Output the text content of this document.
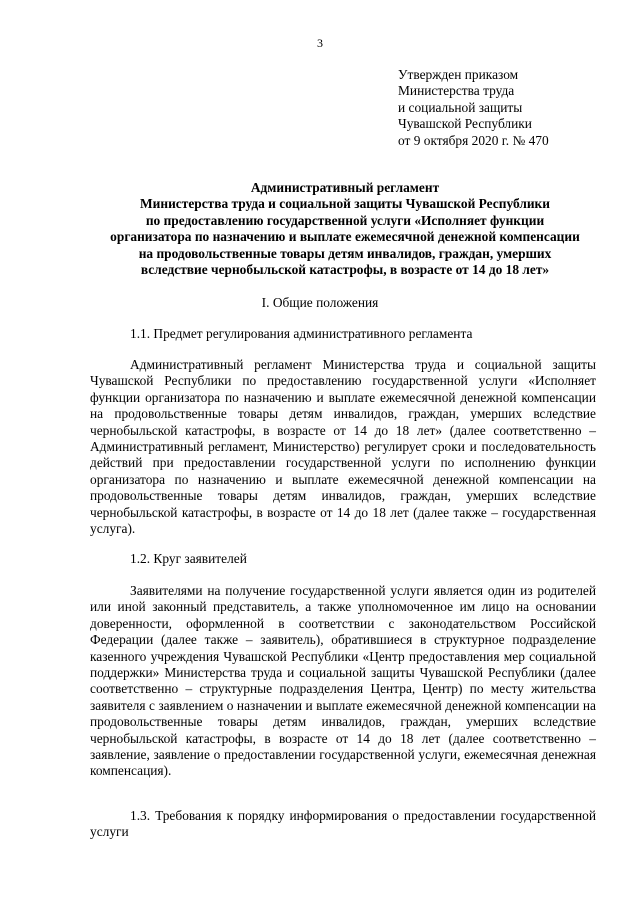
3
Утвержден приказом
Министерства труда
и социальной защиты
Чувашской Республики
от 9 октября 2020 г. № 470
Административный регламент
Министерства труда и социальной защиты Чувашской Республики
по предоставлению государственной услуги «Исполняет функции
организатора по назначению и выплате ежемесячной денежной компенсации
на продовольственные товары детям инвалидов, граждан, умерших
вследствие чернобыльской катастрофы, в возрасте от 14 до 18 лет»
I. Общие положения
1.1. Предмет регулирования административного регламента
Административный регламент Министерства труда и социальной защиты Чувашской Республики по предоставлению государственной услуги «Исполняет функции организатора по назначению и выплате ежемесячной денежной компенсации на продовольственные товары детям инвалидов, граждан, умерших вследствие чернобыльской катастрофы, в возрасте от 14 до 18 лет» (далее соответственно – Административный регламент, Министерство) регулирует сроки и последовательность действий при предоставлении государственной услуги по исполнению функции организатора по назначению и выплате ежемесячной денежной компенсации на продовольственные товары детям инвалидов, граждан, умерших вследствие чернобыльской катастрофы, в возрасте от 14 до 18 лет (далее также – государственная услуга).
1.2. Круг заявителей
Заявителями на получение государственной услуги является один из родителей или иной законный представитель, а также уполномоченное им лицо на основании доверенности, оформленной в соответствии с законодательством Российской Федерации (далее также – заявитель), обратившиеся в структурное подразделение казенного учреждения Чувашской Республики «Центр предоставления мер социальной поддержки» Министерства труда и социальной защиты Чувашской Республики (далее соответственно – структурные подразделения Центра, Центр) по месту жительства заявителя с заявлением о назначении и выплате ежемесячной денежной компенсации на продовольственные товары детям инвалидов, граждан, умерших вследствие чернобыльской катастрофы, в возрасте от 14 до 18 лет (далее соответственно – заявление, заявление о предоставлении государственной услуги, ежемесячная денежная компенсация).
1.3. Требования к порядку информирования о предоставлении государственной услуги
